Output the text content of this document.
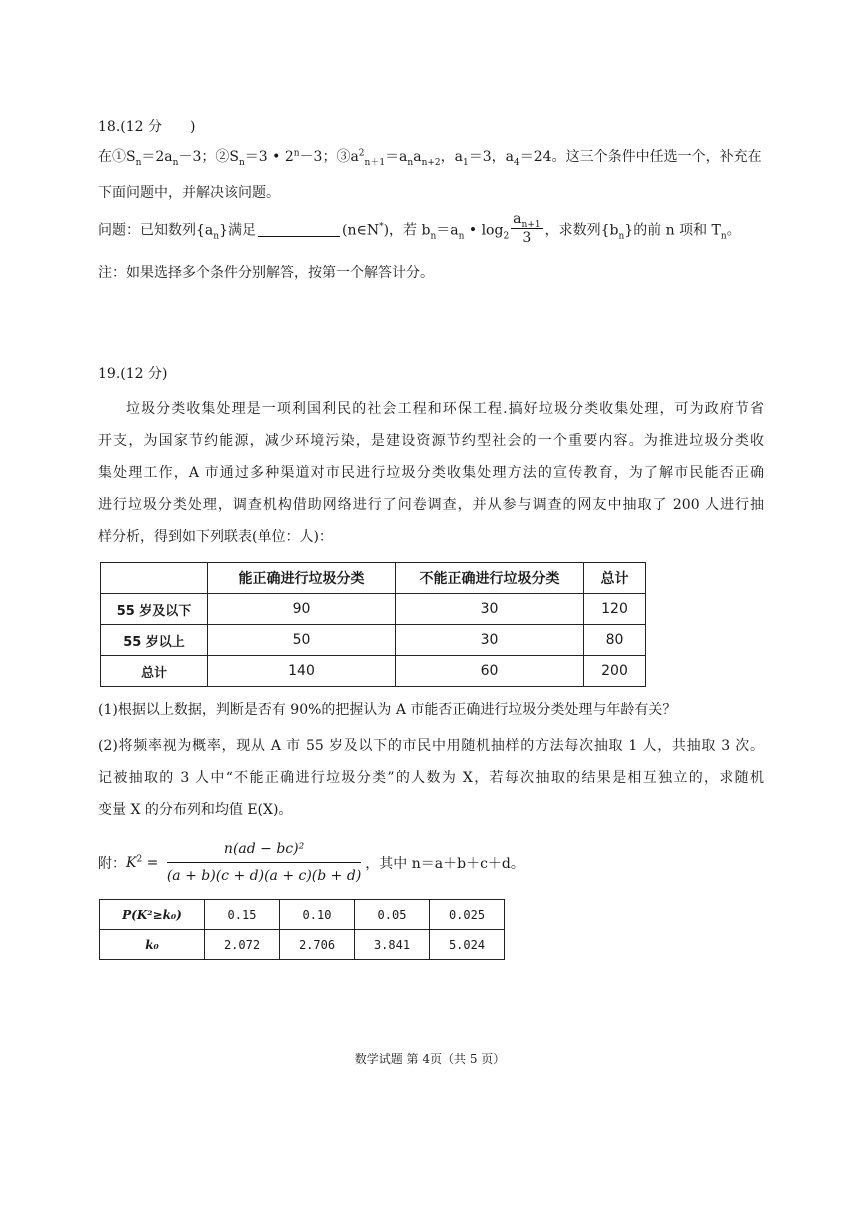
18.(12 分　　)
在$①S_n=2a_n-3$；$②S_n=3$ • $2^n-3$；$③a^2_{n+1}=a_na_{n+2}$，$a_1=3$，$a_4=24$。这三个条件中任选一个，补充在
下面问题中，并解决该问题。
问题：已知数列$\{a_n\}$满足	(n∈N*)，若 $b_n=a_n$ • $\log_2 \frac{a_{n+1}}{3}$ ，求数列$\{b_n\}$的前 n 项和 $T_n$。
注：如果选择多个条件分别解答，按第一个解答计分。
19.(12 分)

垃圾分类收集处理是一项利国利民的社会工程和环保工程.搞好垃圾分类收集处理，可为政府节省

开支，为国家节约能源，减少环境污染，是建设资源节约型社会的一个重要内容。为推进垃圾分类收

集处理工作，A 市通过多种渠道对市民进行垃圾分类收集处理方法的宣传教育，为了解市民能否正确

进行垃圾分类处理，调查机构借助网络进行了问卷调查，并从参与调查的网友中抽取了 200 人进行抽

样分析，得到如下列联表(单位：人)：

	能正确进行垃圾分类	不能正确进行垃圾分类	总计
55 岁及以下	90	30	120
55 岁以上	50	30	80
总计	140	60	200
(1)根据以上数据，判断是否有 90%的把握认为 A 市能否正确进行垃圾分类处理与年龄有关？

(2)将频率视为概率，现从 A 市 55 岁及以下的市民中用随机抽样的方法每次抽取 1 人，共抽取 3 次。

记被抽取的 3 人中“不能正确进行垃圾分类”的人数为 X，若每次抽取的结果是相互独立的，求随机

变量 X 的分布列和均值 E(X)。

附：$K^2 = \frac{\text{n(ad − bc)²}}{(a + b)(c + d)(a + c)(b + d)}$ ，其中 n＝a＋b＋c＋d。
P(K²≥k₀)	0.15	0.10	0.05	0.025
k₀	2.072	2.706	3.841	5.024
数学试题 第 4页（共 5 页）
